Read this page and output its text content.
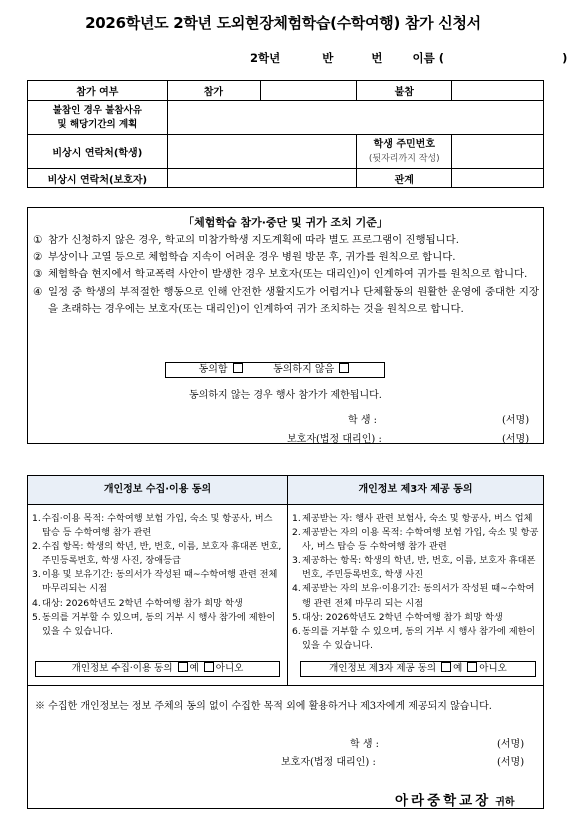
2026학년도 2학년 도외현장체험학습(수학여행) 참가 신청서
2학년	반	번	이름 (	)
참가 여부	참가		불참	

불참인 경우 불참사유
및 해당기간의 계획				

비상시 연락처(학생)			학생 주민번호
(뒷자리까지 작성)	

비상시 연락처(보호자)			관계	
「체험학습 참가·중단 및 귀가 조치 기준」
① 참가 신청하지 않은 경우, 학교의 미참가학생 지도계획에 따라 별도 프로그램이 진행됩니다.
② 부상이나 고열 등으로 체험학습 지속이 어려운 경우 병원 방문 후, 귀가를 원칙으로 합니다.
③ 체험학습 현지에서 학교폭력 사안이 발생한 경우 보호자(또는 대리인)이 인계하여 귀가를 원칙으로 합니다.
④ 일정 중 학생의 부적절한 행동으로 인해 안전한 생활지도가 어렵거나 단체활동의 원활한 운영에 중대한 지장을 초래하는 경우에는 보호자(또는 대리인)이 인계하여 귀가 조치하는 것을 원칙으로 합니다.
동의함	동의하지 않음
동의하지 않는 경우 행사 참가가 제한됩니다.
학 생 :	(서명)
보호자(법정 대리인) :	(서명)
개인정보 수집·이용 동의
1. 수집·이용 목적: 수학여행 보험 가입, 숙소 및 항공사, 버스 탑승 등 수학여행 참가 관련
2. 수집 항목: 학생의 학년, 반, 번호, 이름, 보호자 휴대폰 번호, 주민등록번호, 학생 사진, 장애등급
3. 이용 및 보유기간: 동의서가 작성된 때~수학여행 관련 전체 마무리되는 시점
4. 대상: 2026학년도 2학년 수학여행 참가 희망 학생
5. 동의를 거부할 수 있으며, 동의 거부 시 행사 참가에 제한이 있을 수 있습니다.
개인정보 수집·이용 동의 예 아니오
개인정보 제3자 제공 동의
1. 제공받는 자: 행사 관련 보험사, 숙소 및 항공사, 버스 업체
2. 제공받는 자의 이용 목적: 수학여행 보험 가입, 숙소 및 항공사, 버스 탑승 등 수학여행 참가 관련
3. 제공하는 항목: 학생의 학년, 반, 번호, 이름, 보호자 휴대폰번호, 주민등록번호, 학생 사진
4. 제공받는 자의 보유·이용기간: 동의서가 작성된 때~수학여행 관련 전체 마무리 되는 시점
5. 대상: 2026학년도 2학년 수학여행 참가 희망 학생
6. 동의를 거부할 수 있으며, 동의 거부 시 행사 참가에 제한이 있을 수 있습니다.
개인정보 제3자 제공 동의 예 아니오
※ 수집한 개인정보는 정보 주체의 동의 없이 수집한 목적 외에 활용하거나 제3자에게 제공되지 않습니다.
학 생 :	(서명)
보호자(법정 대리인) :	(서명)
아라중학교장 귀하
